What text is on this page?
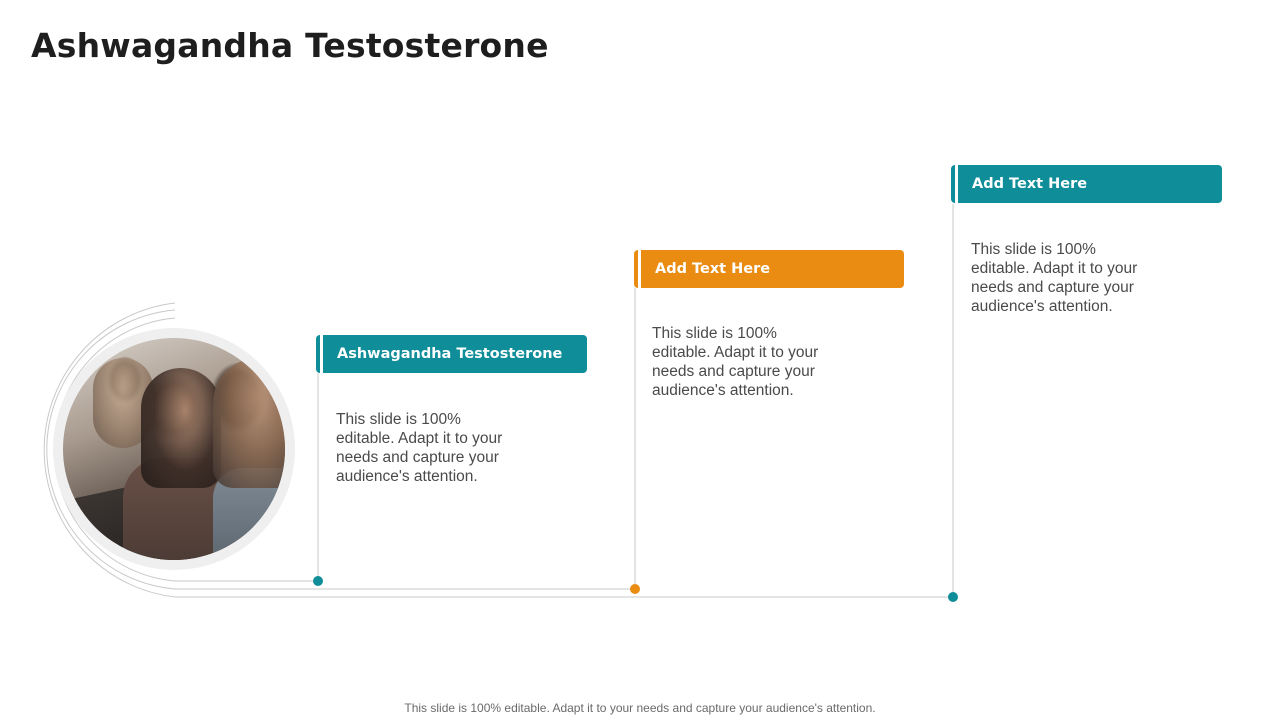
Ashwagandha Testosterone
Ashwagandha Testosterone
This slide is 100% editable. Adapt it to your needs and capture your audience's attention.
Add Text Here
This slide is 100% editable. Adapt it to your needs and capture your audience's attention.
Add Text Here
This slide is 100% editable. Adapt it to your needs and capture your audience's attention.
This slide is 100% editable. Adapt it to your needs and capture your audience's attention.
